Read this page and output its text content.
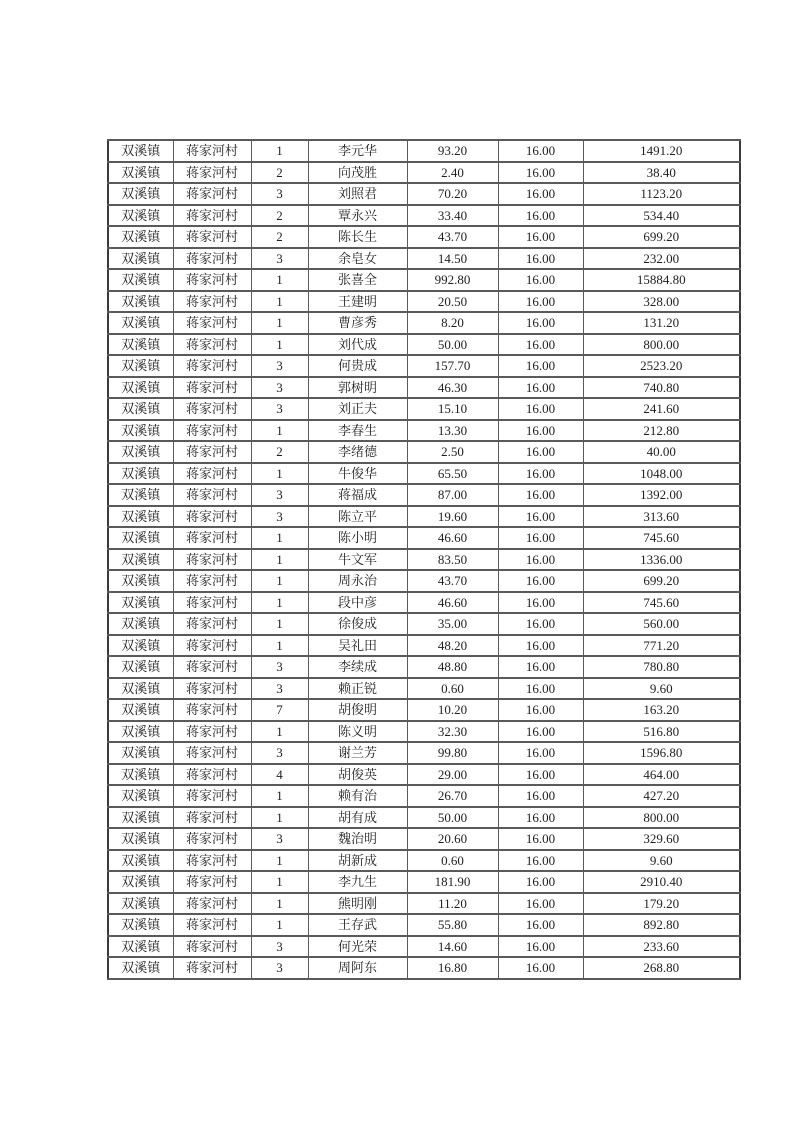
双溪镇	蒋家河村	1	李元华	93.20	16.00	1491.20
双溪镇	蒋家河村	2	向茂胜	2.40	16.00	38.40
双溪镇	蒋家河村	3	刘照君	70.20	16.00	1123.20
双溪镇	蒋家河村	2	覃永兴	33.40	16.00	534.40
双溪镇	蒋家河村	2	陈长生	43.70	16.00	699.20
双溪镇	蒋家河村	3	余皂女	14.50	16.00	232.00
双溪镇	蒋家河村	1	张喜全	992.80	16.00	15884.80
双溪镇	蒋家河村	1	王建明	20.50	16.00	328.00
双溪镇	蒋家河村	1	曹彦秀	8.20	16.00	131.20
双溪镇	蒋家河村	1	刘代成	50.00	16.00	800.00
双溪镇	蒋家河村	3	何贵成	157.70	16.00	2523.20
双溪镇	蒋家河村	3	郭树明	46.30	16.00	740.80
双溪镇	蒋家河村	3	刘正夫	15.10	16.00	241.60
双溪镇	蒋家河村	1	李春生	13.30	16.00	212.80
双溪镇	蒋家河村	2	李绪德	2.50	16.00	40.00
双溪镇	蒋家河村	1	牛俊华	65.50	16.00	1048.00
双溪镇	蒋家河村	3	蒋福成	87.00	16.00	1392.00
双溪镇	蒋家河村	3	陈立平	19.60	16.00	313.60
双溪镇	蒋家河村	1	陈小明	46.60	16.00	745.60
双溪镇	蒋家河村	1	牛文军	83.50	16.00	1336.00
双溪镇	蒋家河村	1	周永治	43.70	16.00	699.20
双溪镇	蒋家河村	1	段中彦	46.60	16.00	745.60
双溪镇	蒋家河村	1	徐俊成	35.00	16.00	560.00
双溪镇	蒋家河村	1	吴礼田	48.20	16.00	771.20
双溪镇	蒋家河村	3	李续成	48.80	16.00	780.80
双溪镇	蒋家河村	3	赖正锐	0.60	16.00	9.60
双溪镇	蒋家河村	7	胡俊明	10.20	16.00	163.20
双溪镇	蒋家河村	1	陈义明	32.30	16.00	516.80
双溪镇	蒋家河村	3	谢兰芳	99.80	16.00	1596.80
双溪镇	蒋家河村	4	胡俊英	29.00	16.00	464.00
双溪镇	蒋家河村	1	赖有治	26.70	16.00	427.20
双溪镇	蒋家河村	1	胡有成	50.00	16.00	800.00
双溪镇	蒋家河村	3	魏治明	20.60	16.00	329.60
双溪镇	蒋家河村	1	胡新成	0.60	16.00	9.60
双溪镇	蒋家河村	1	李九生	181.90	16.00	2910.40
双溪镇	蒋家河村	1	熊明刚	11.20	16.00	179.20
双溪镇	蒋家河村	1	王存武	55.80	16.00	892.80
双溪镇	蒋家河村	3	何光荣	14.60	16.00	233.60
双溪镇	蒋家河村	3	周阿东	16.80	16.00	268.80
